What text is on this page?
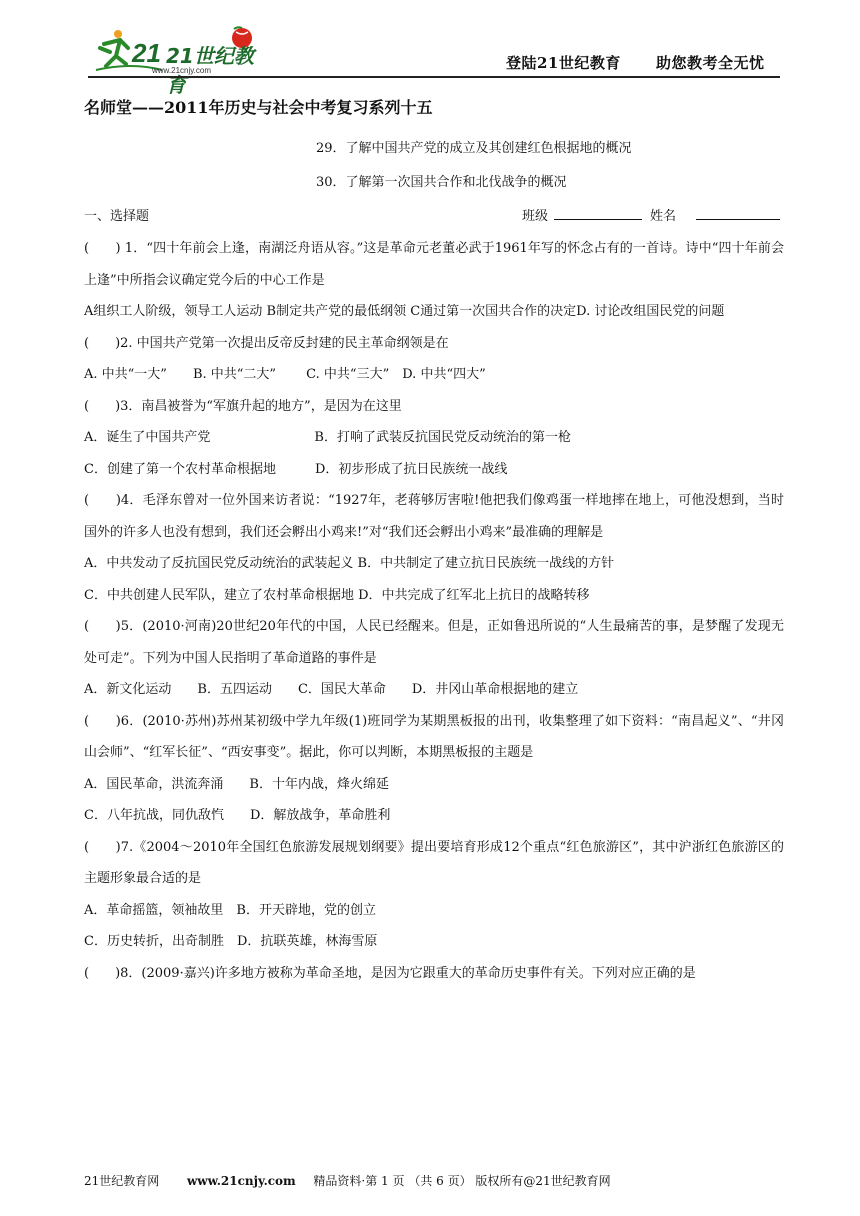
21 21世纪教育
www.21cnjy.com	登陆21世纪教育 助您教考全无忧
名师堂——2011年历史与社会中考复习系列十五
29．了解中国共产党的成立及其创建红色根据地的概况
30．了解第一次国共合作和北伐战争的概况
一、选择题	班级	姓名

(　　) 1．“四十年前会上逢，南湖泛舟语从容。”这是革命元老董必武于1961年写的怀念占有的一首诗。诗中“四十年前会上逢”中所指会议确定党今后的中心工作是

A组织工人阶级，领导工人运动 B制定共产党的最低纲领 C通过第一次国共合作的决定D. 讨论改组国民党的问题

(　　)2. 中国共产党第一次提出反帝反封建的民主革命纲领是在

A. 中共“一大”　　B. 中共“二大”　　 C. 中共“三大”　D. 中共“四大”

(　　)3．南昌被誉为“军旗升起的地方”，是因为在这里

A．诞生了中国共产党　　　　　　　　B．打响了武装反抗国民党反动统治的第一枪

C．创建了第一个农村革命根据地　　　D．初步形成了抗日民族统一战线

(　　)4．毛泽东曾对一位外国来访者说：“1927年，老蒋够厉害啦!他把我们像鸡蛋一样地摔在地上，可他没想到，当时国外的许多人也没有想到，我们还会孵出小鸡来!”对“我们还会孵出小鸡来”最准确的理解是

A．中共发动了反抗国民党反动统治的武装起义 B．中共制定了建立抗日民族统一战线的方针

C．中共创建人民军队，建立了农村革命根据地 D．中共完成了红军北上抗日的战略转移

(　　)5．(2010·河南)20世纪20年代的中国，人民已经醒来。但是，正如鲁迅所说的“人生最痛苦的事，是梦醒了发现无处可走”。下列为中国人民指明了革命道路的事件是

A．新文化运动　　B．五四运动　　C．国民大革命　　D．井冈山革命根据地的建立

(　　)6．(2010·苏州)苏州某初级中学九年级(1)班同学为某期黑板报的出刊，收集整理了如下资料：“南昌起义”、“井冈山会师”、“红军长征”、“西安事变”。据此，你可以判断，本期黑板报的主题是

A．国民革命，洪流奔涌　　B．十年内战，烽火绵延

C．八年抗战，同仇敌忾　　D．解放战争，革命胜利

(　　)7.《2004～2010年全国红色旅游发展规划纲要》提出要培育形成12个重点“红色旅游区”，其中沪浙红色旅游区的主题形象最合适的是

A．革命摇篮，领袖故里　B．开天辟地，党的创立

C．历史转折，出奇制胜　D．抗联英雄，林海雪原

(　　)8．(2009·嘉兴)许多地方被称为革命圣地，是因为它跟重大的革命历史事件有关。下列对应正确的是

21世纪教育网 www.21cnjy.com 精品资料·第 1 页 （共 6 页） 版权所有@21世纪教育网
